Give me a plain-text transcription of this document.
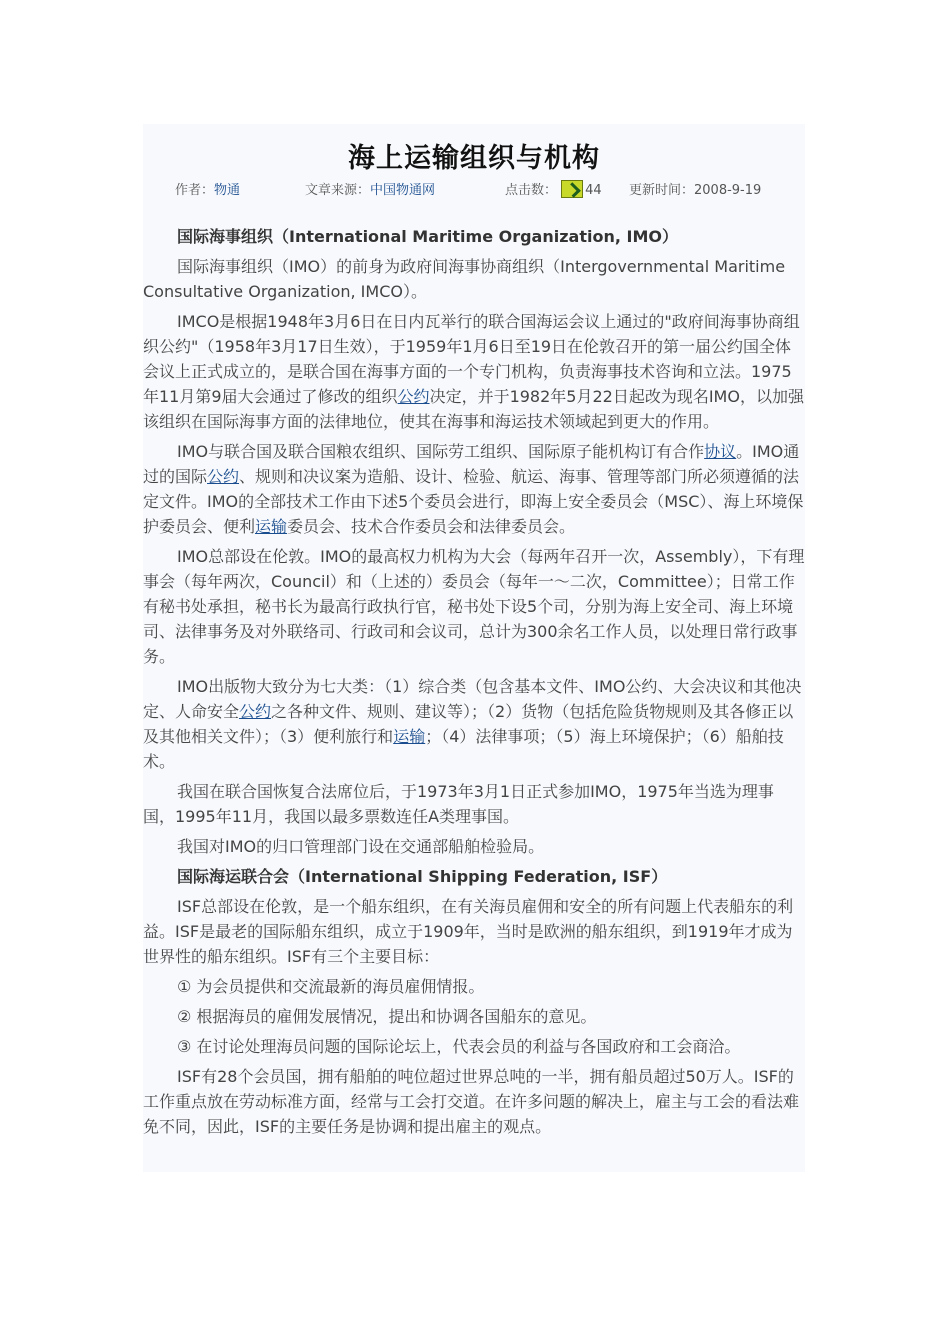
海上运输组织与机构
作者：物通	文章来源：中国物通网	点击数： 44 更新时间：2008-9-19

国际海事组织（International Maritime Organization, IMO）

国际海事组织（IMO）的前身为政府间海事协商组织（Intergovernmental Maritime Consultative Organization, IMCO）。

IMCO是根据1948年3月6日在日内瓦举行的联合国海运会议上通过的"政府间海事协商组织公约"（1958年3月17日生效），于1959年1月6日至19日在伦敦召开的第一届公约国全体会议上正式成立的，是联合国在海事方面的一个专门机构，负责海事技术咨询和立法。1975年11月第9届大会通过了修改的组织公约决定，并于1982年5月22日起改为现名IMO，以加强该组织在国际海事方面的法律地位，使其在海事和海运技术领域起到更大的作用。

IMO与联合国及联合国粮农组织、国际劳工组织、国际原子能机构订有合作协议。IMO通过的国际公约、规则和决议案为造船、设计、检验、航运、海事、管理等部门所必须遵循的法定文件。IMO的全部技术工作由下述5个委员会进行，即海上安全委员会（MSC）、海上环境保护委员会、便利运输委员会、技术合作委员会和法律委员会。

IMO总部设在伦敦。IMO的最高权力机构为大会（每两年召开一次，Assembly），下有理事会（每年两次，Council）和（上述的）委员会（每年一～二次，Committee）；日常工作有秘书处承担，秘书长为最高行政执行官，秘书处下设5个司，分别为海上安全司、海上环境司、法律事务及对外联络司、行政司和会议司，总计为300余名工作人员，以处理日常行政事务。

IMO出版物大致分为七大类：（1）综合类（包含基本文件、IMO公约、大会决议和其他决定、人命安全公约之各种文件、规则、建议等）；（2）货物（包括危险货物规则及其各修正以及其他相关文件）；（3）便利旅行和运输；（4）法律事项；（5）海上环境保护；（6）船舶技术。

我国在联合国恢复合法席位后，于1973年3月1日正式参加IMO，1975年当选为理事国，1995年11月，我国以最多票数连任A类理事国。

我国对IMO的归口管理部门设在交通部船舶检验局。

国际海运联合会（International Shipping Federation, ISF）

ISF总部设在伦敦，是一个船东组织，在有关海员雇佣和安全的所有问题上代表船东的利益。ISF是最老的国际船东组织，成立于1909年，当时是欧洲的船东组织，到1919年才成为世界性的船东组织。ISF有三个主要目标：

① 为会员提供和交流最新的海员雇佣情报。

② 根据海员的雇佣发展情况，提出和协调各国船东的意见。

③ 在讨论处理海员问题的国际论坛上，代表会员的利益与各国政府和工会商洽。

ISF有28个会员国，拥有船舶的吨位超过世界总吨的一半，拥有船员超过50万人。ISF的工作重点放在劳动标准方面，经常与工会打交道。在许多问题的解决上，雇主与工会的看法难免不同，因此，ISF的主要任务是协调和提出雇主的观点。
